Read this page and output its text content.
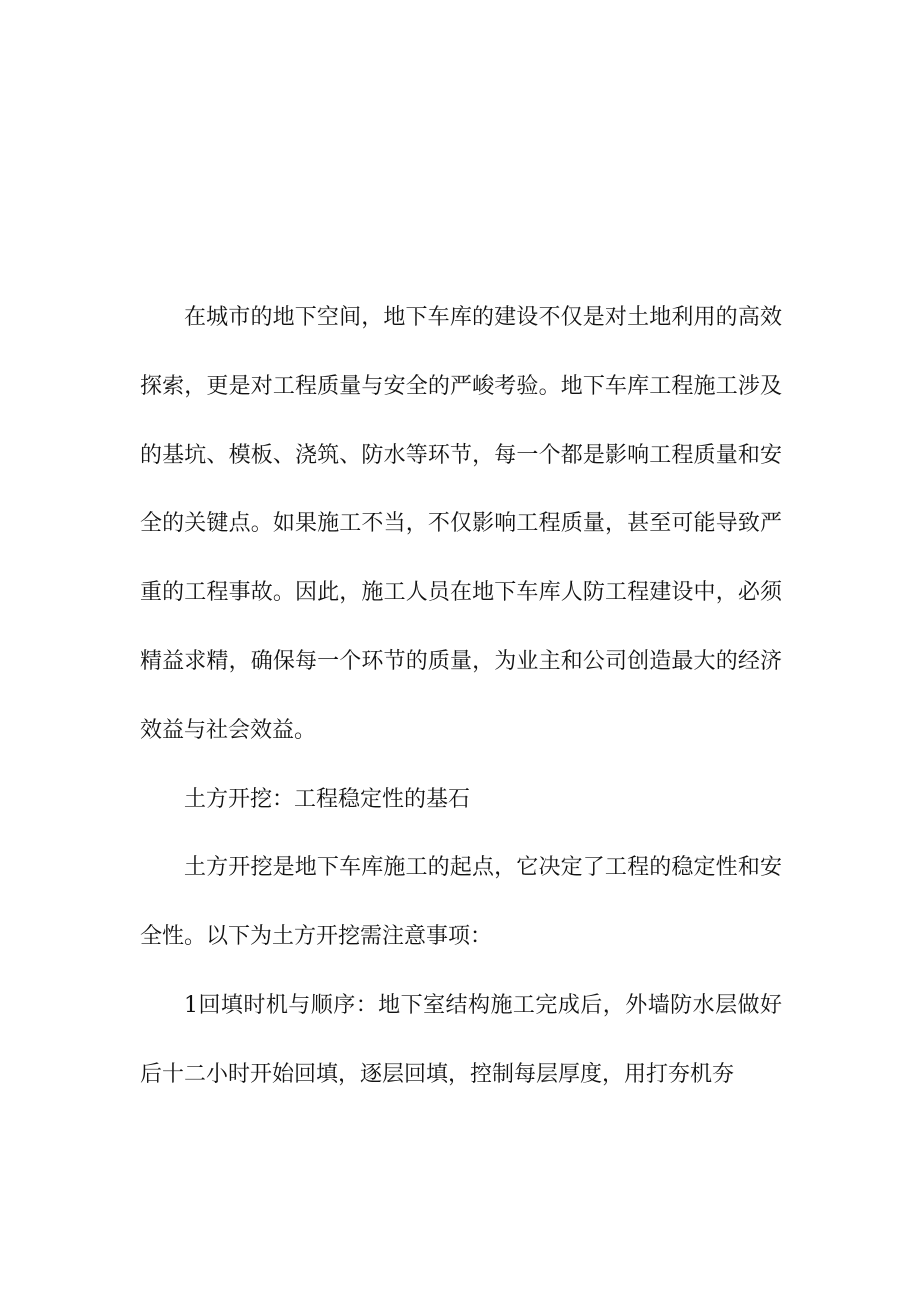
在城市的地下空间，地下车库的建设不仅是对土地利用的高效探索，更是对工程质量与安全的严峻考验。地下车库工程施工涉及的基坑、模板、浇筑、防水等环节，每一个都是影响工程质量和安全的关键点。如果施工不当，不仅影响工程质量，甚至可能导致严重的工程事故。因此，施工人员在地下车库人防工程建设中，必须精益求精，确保每一个环节的质量，为业主和公司创造最大的经济效益与社会效益。

土方开挖：工程稳定性的基石

土方开挖是地下车库施工的起点，它决定了工程的稳定性和安全性。以下为土方开挖需注意事项：

1回填时机与顺序：地下室结构施工完成后，外墙防水层做好后十二小时开始回填，逐层回填，控制每层厚度，用打夯机夯
